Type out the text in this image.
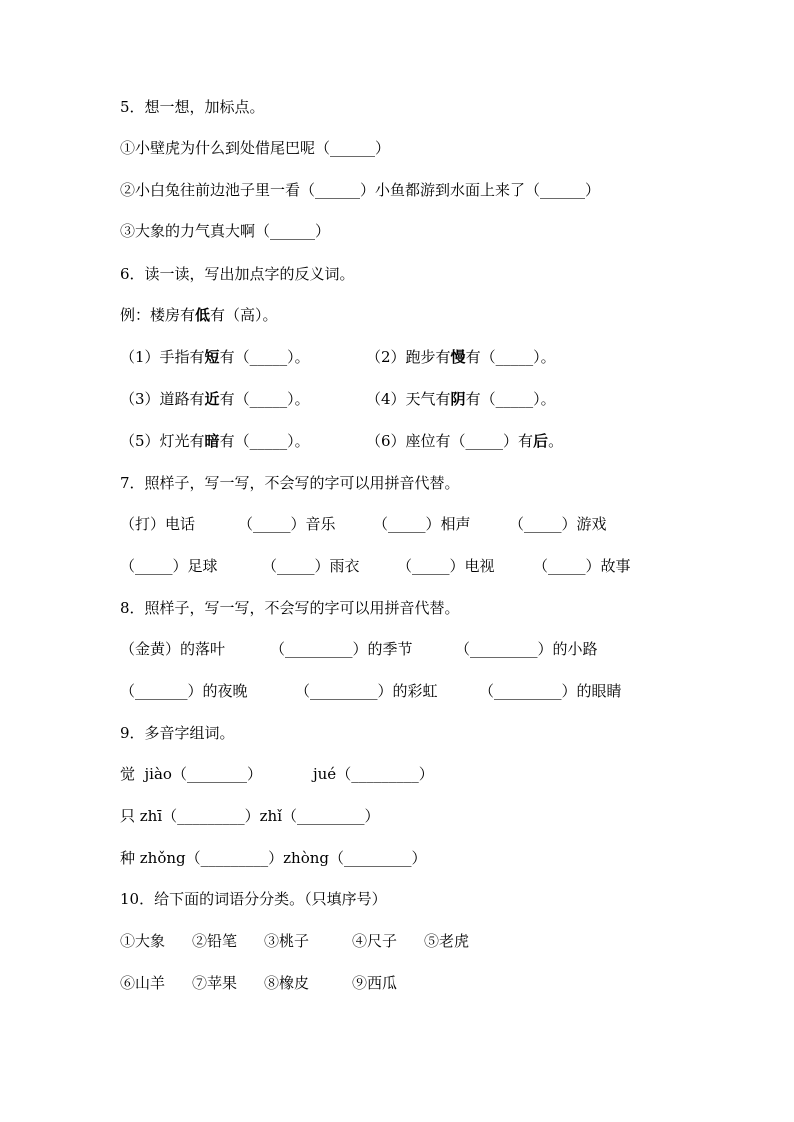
5．想一想，加标点。
①小壁虎为什么到处借尾巴呢（______）
②小白兔往前边池子里一看（______）小鱼都游到水面上来了（______）
③大象的力气真大啊（______）
6．读一读，写出加点字的反义词。
例：楼房有低有（高）。
（1）手指有短有（_____）。	（2）跑步有慢有（_____）。
（3）道路有近有（_____）。	（4）天气有阴有（_____）。
（5）灯光有暗有（_____）。	（6）座位有（_____）有后。
7．照样子，写一写，不会写的字可以用拼音代替。
（打）电话	（_____）音乐 （_____）相声	（_____）游戏
（_____）足球	（_____）雨衣 （_____）电视	（_____）故事
8．照样子，写一写，不会写的字可以用拼音代替。
（金黄）的落叶	（_________）的季节	（_________）的小路
（_______）的夜晚	（_________）的彩虹	（_________）的眼睛
9．多音字组词。
觉  jiào（________）	jué（_________）
只 zhī（_________）zhǐ（_________）
种 zhǒng（_________）zhòng（_________）
10．给下面的词语分分类。（只填序号）
①大象 ②铅笔 ③桃子	④尺子 ⑤老虎
⑥山羊 ⑦苹果 ⑧橡皮	⑨西瓜
